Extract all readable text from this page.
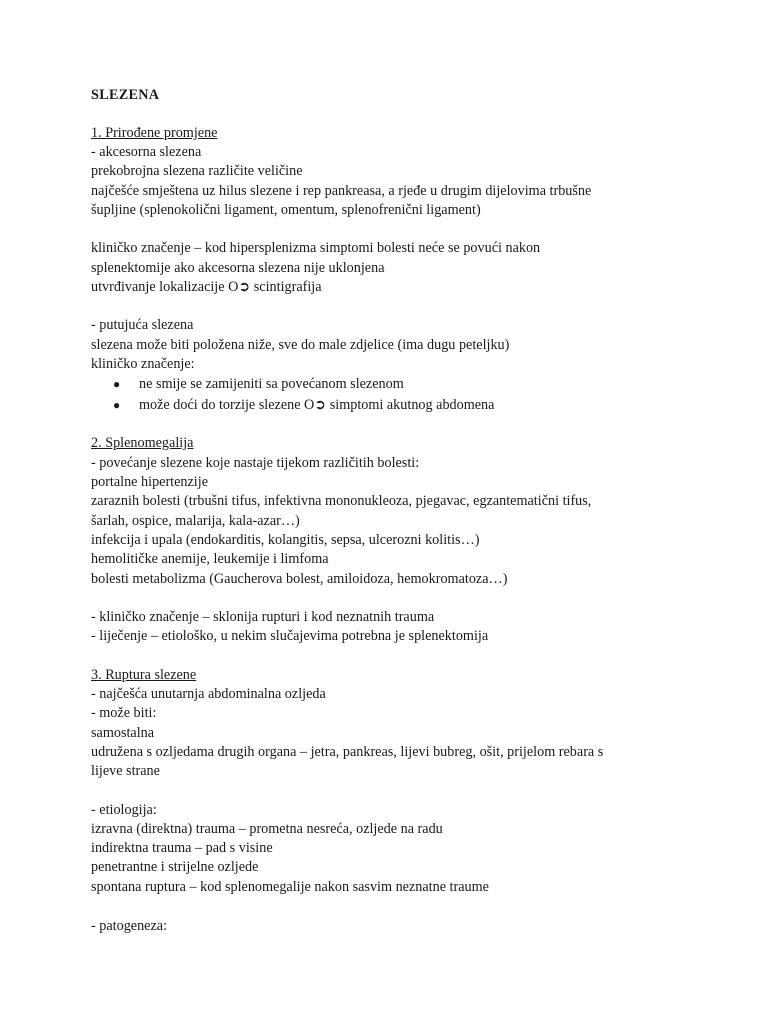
SLEZENA
1. Prirođene promjene
- akcesorna slezena
prekobrojna slezena različite veličine
najčešće smještena uz hilus slezene i rep pankreasa, a rjeđe u drugim dijelovima trbušne
šupljine (splenokolični ligament, omentum, splenofrenični ligament)
kliničko značenje – kod hipersplenizma simptomi bolesti neće se povući nakon
splenektomije ako akcesorna slezena nije uklonjena
utvrđivanje lokalizacije O➲ scintigrafija
- putujuća slezena
slezena može biti položena niže, sve do male zdjelice (ima dugu peteljku)
kliničko značenje:
● ne smije se zamijeniti sa povećanom slezenom
● može doći do torzije slezene O➲ simptomi akutnog abdomena
2. Splenomegalija
- povećanje slezene koje nastaje tijekom različitih bolesti:
portalne hipertenzije
zaraznih bolesti (trbušni tifus, infektivna mononukleoza, pjegavac, egzantematični tifus,
šarlah, ospice, malarija, kala-azar…)
infekcija i upala (endokarditis, kolangitis, sepsa, ulcerozni kolitis…)
hemolitičke anemije, leukemije i limfoma
bolesti metabolizma (Gaucherova bolest, amiloidoza, hemokromatoza…)
- kliničko značenje – sklonija rupturi i kod neznatnih trauma
- liječenje – etiološko, u nekim slučajevima potrebna je splenektomija
3. Ruptura slezene
- najčešća unutarnja abdominalna ozljeda
- može biti:
samostalna
udružena s ozljedama drugih organa – jetra, pankreas, lijevi bubreg, ošit, prijelom rebara s
lijeve strane
- etiologija:
izravna (direktna) trauma – prometna nesreća, ozljede na radu
indirektna trauma – pad s visine
penetrantne i strijelne ozljede
spontana ruptura – kod splenomegalije nakon sasvim neznatne traume
- patogeneza:
